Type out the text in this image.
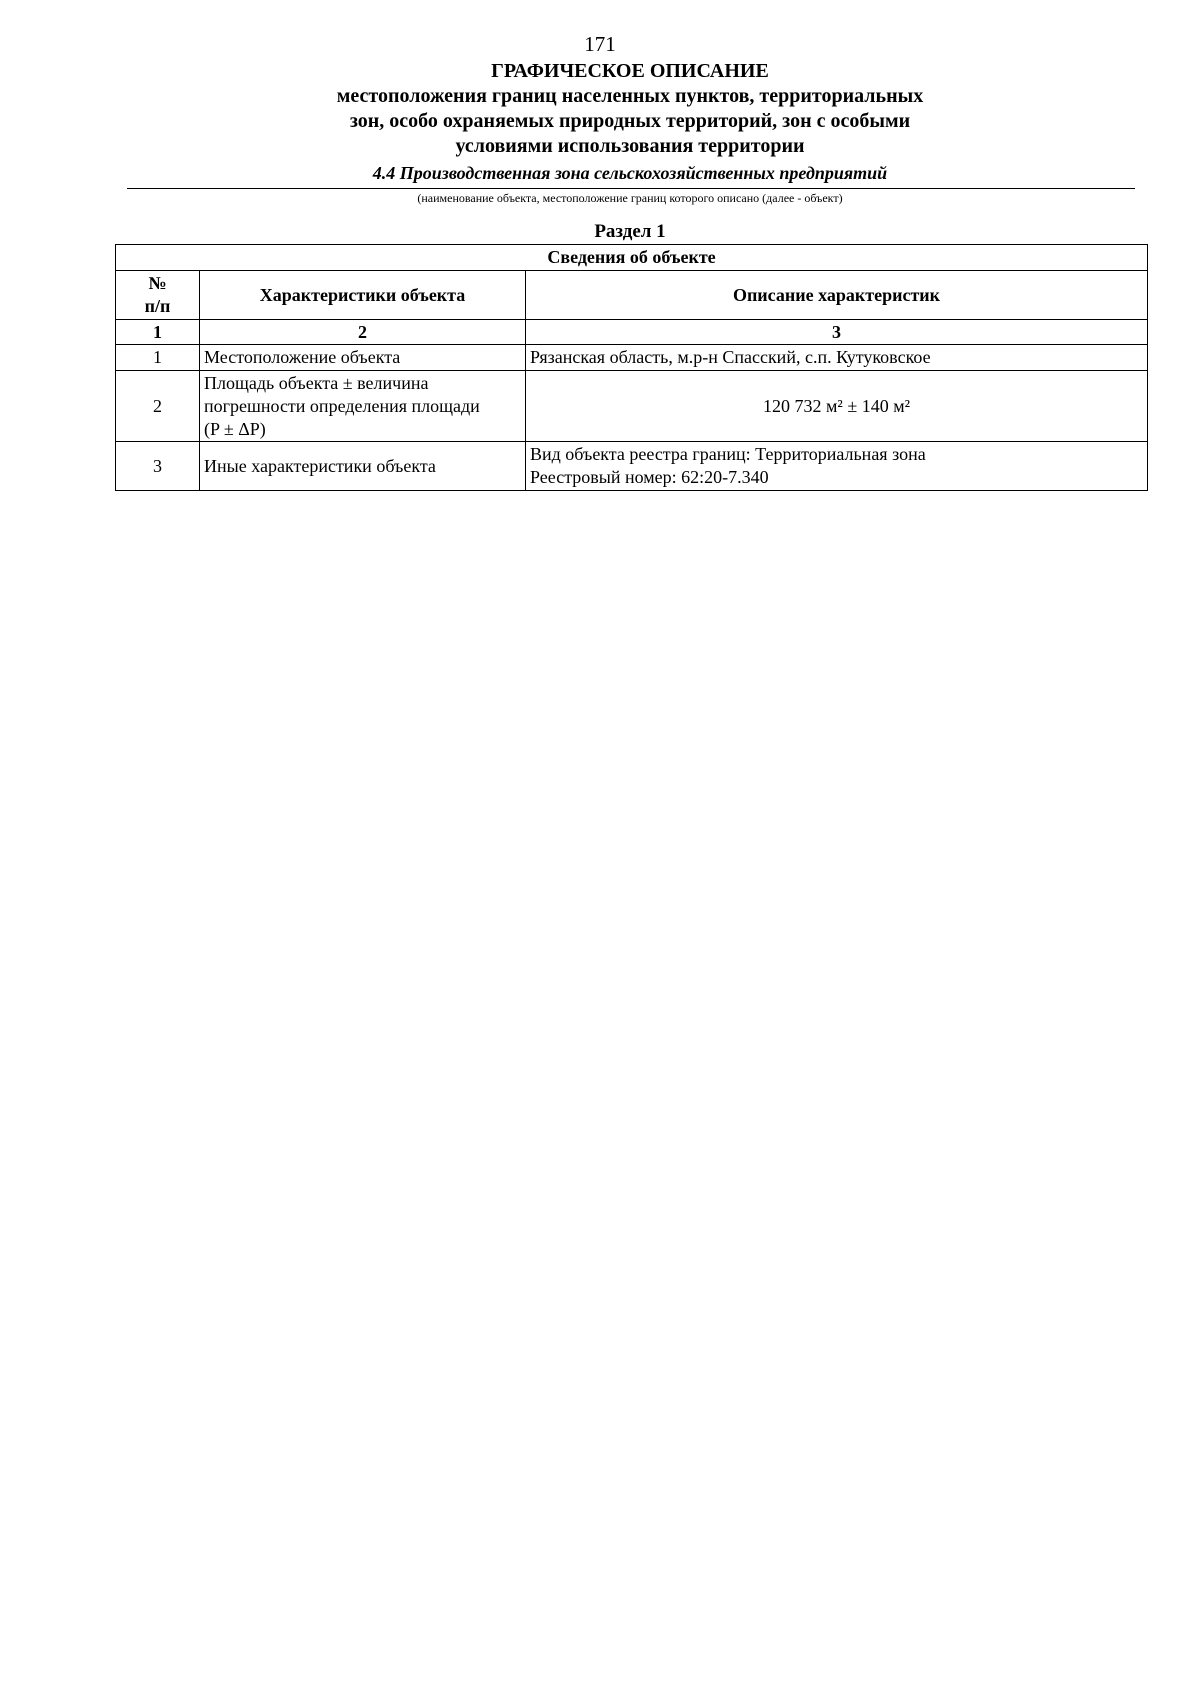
171
ГРАФИЧЕСКОЕ ОПИСАНИЕ
местоположения границ населенных пунктов, территориальных
зон, особо охраняемых природных территорий, зон с особыми
условиями использования территории
4.4 Производственная зона сельскохозяйственных предприятий
(наименование объекта, местоположение границ которого описано (далее - объект)
Раздел 1
Сведения об объекте		

№
п/п	Характеристики объекта	Описание характеристик
1	2	3
1	Местоположение объекта	Рязанская область, м.р-н Спасский, с.п. Кутуковское

2	Площадь объекта ± величина
погрешности определения площади
(P ± ΔP)	120 732 м² ± 140 м²

3	Иные характеристики объекта	Вид объекта реестра границ: Территориальная зона
Реестровый номер: 62:20-7.340
